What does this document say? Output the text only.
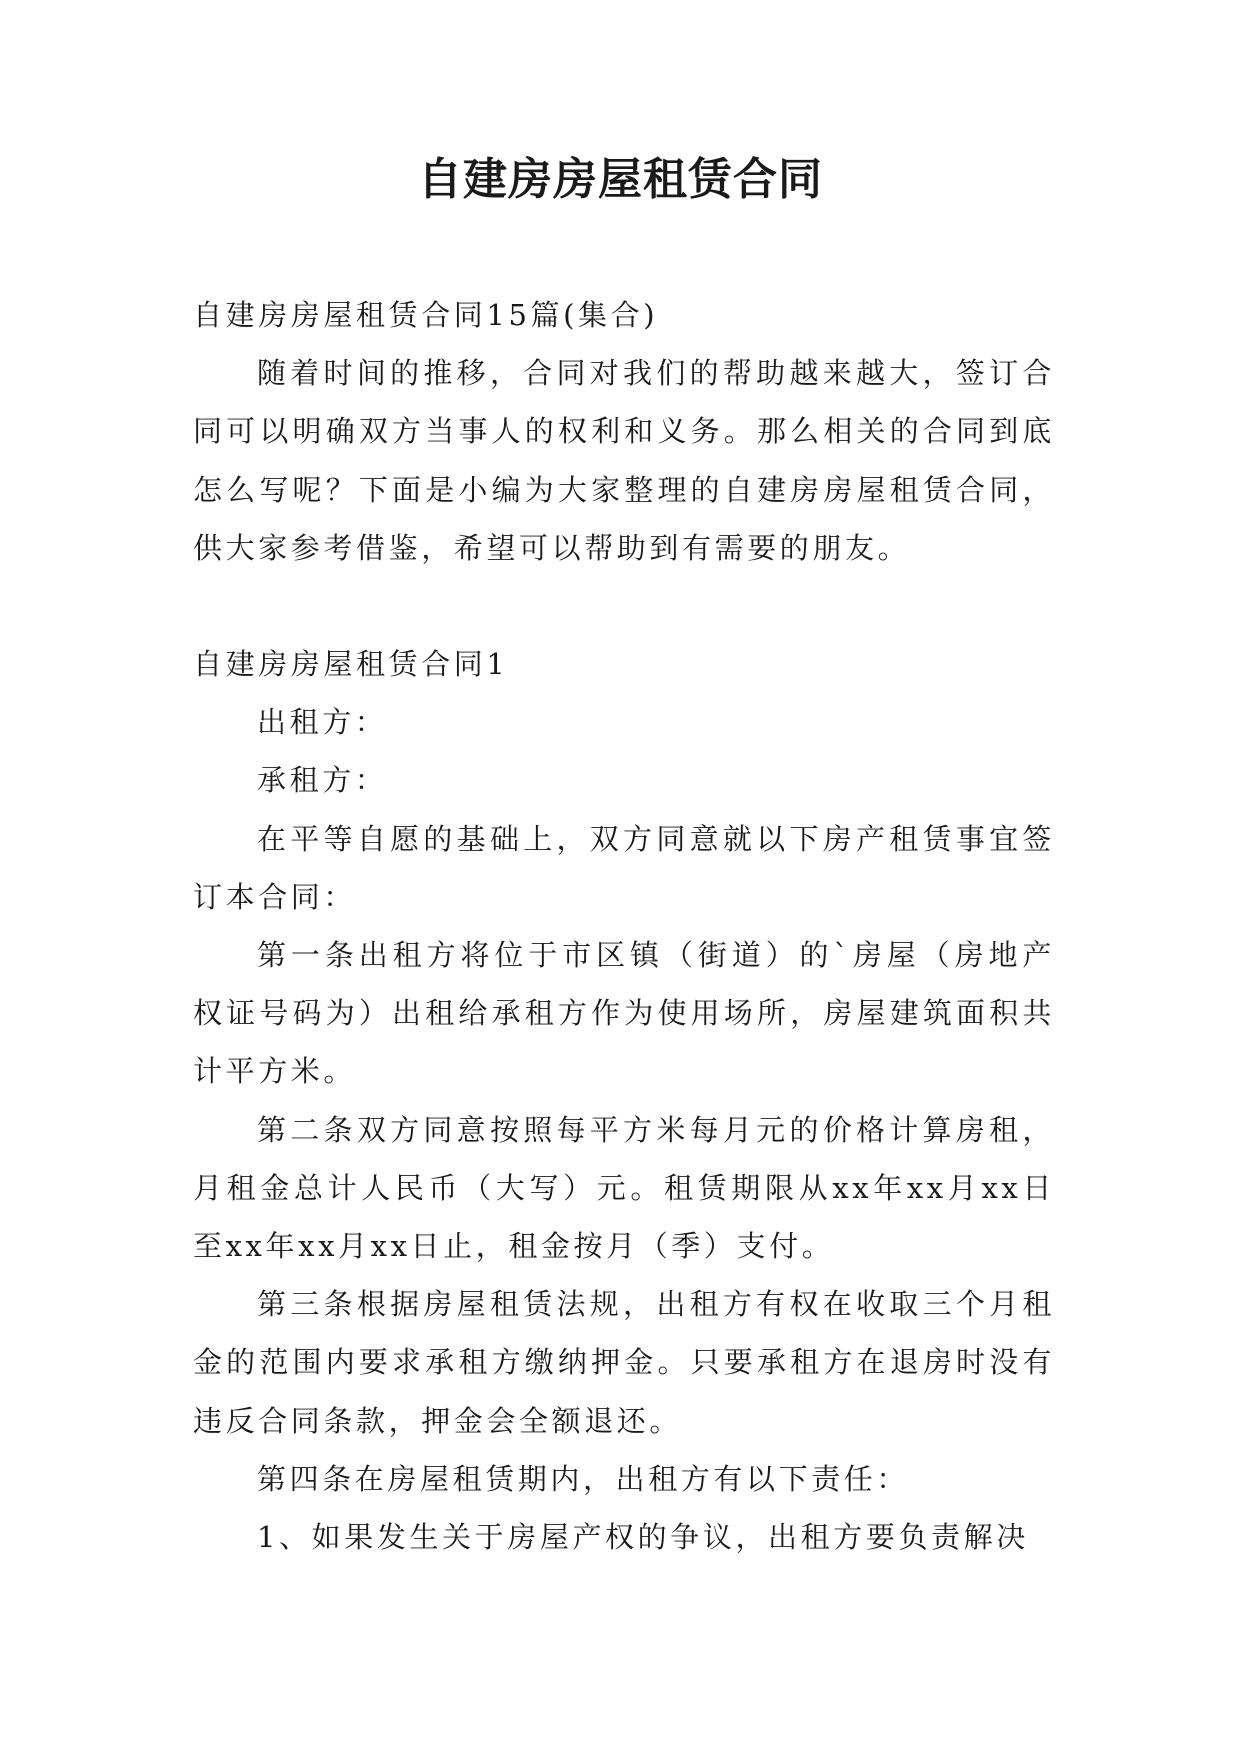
自建房房屋租赁合同

自建房房屋租赁合同15篇(集合)

随着时间的推移，合同对我们的帮助越来越大，签订合同可以明确双方当事人的权利和义务。那么相关的合同到底怎么写呢？下面是小编为大家整理的自建房房屋租赁合同，供大家参考借鉴，希望可以帮助到有需要的朋友。

自建房房屋租赁合同1

出租方：

承租方：

在平等自愿的基础上，双方同意就以下房产租赁事宜签订本合同：

第一条出租方将位于市区镇（街道）的`房屋（房地产权证号码为）出租给承租方作为使用场所，房屋建筑面积共计平方米。

第二条双方同意按照每平方米每月元的价格计算房租，月租金总计人民币（大写）元。租赁期限从xx年xx月xx日至xx年xx月xx日止，租金按月（季）支付。

第三条根据房屋租赁法规，出租方有权在收取三个月租金的范围内要求承租方缴纳押金。只要承租方在退房时没有违反合同条款，押金会全额退还。

第四条在房屋租赁期内，出租方有以下责任：

1、如果发生关于房屋产权的争议，出租方要负责解决
